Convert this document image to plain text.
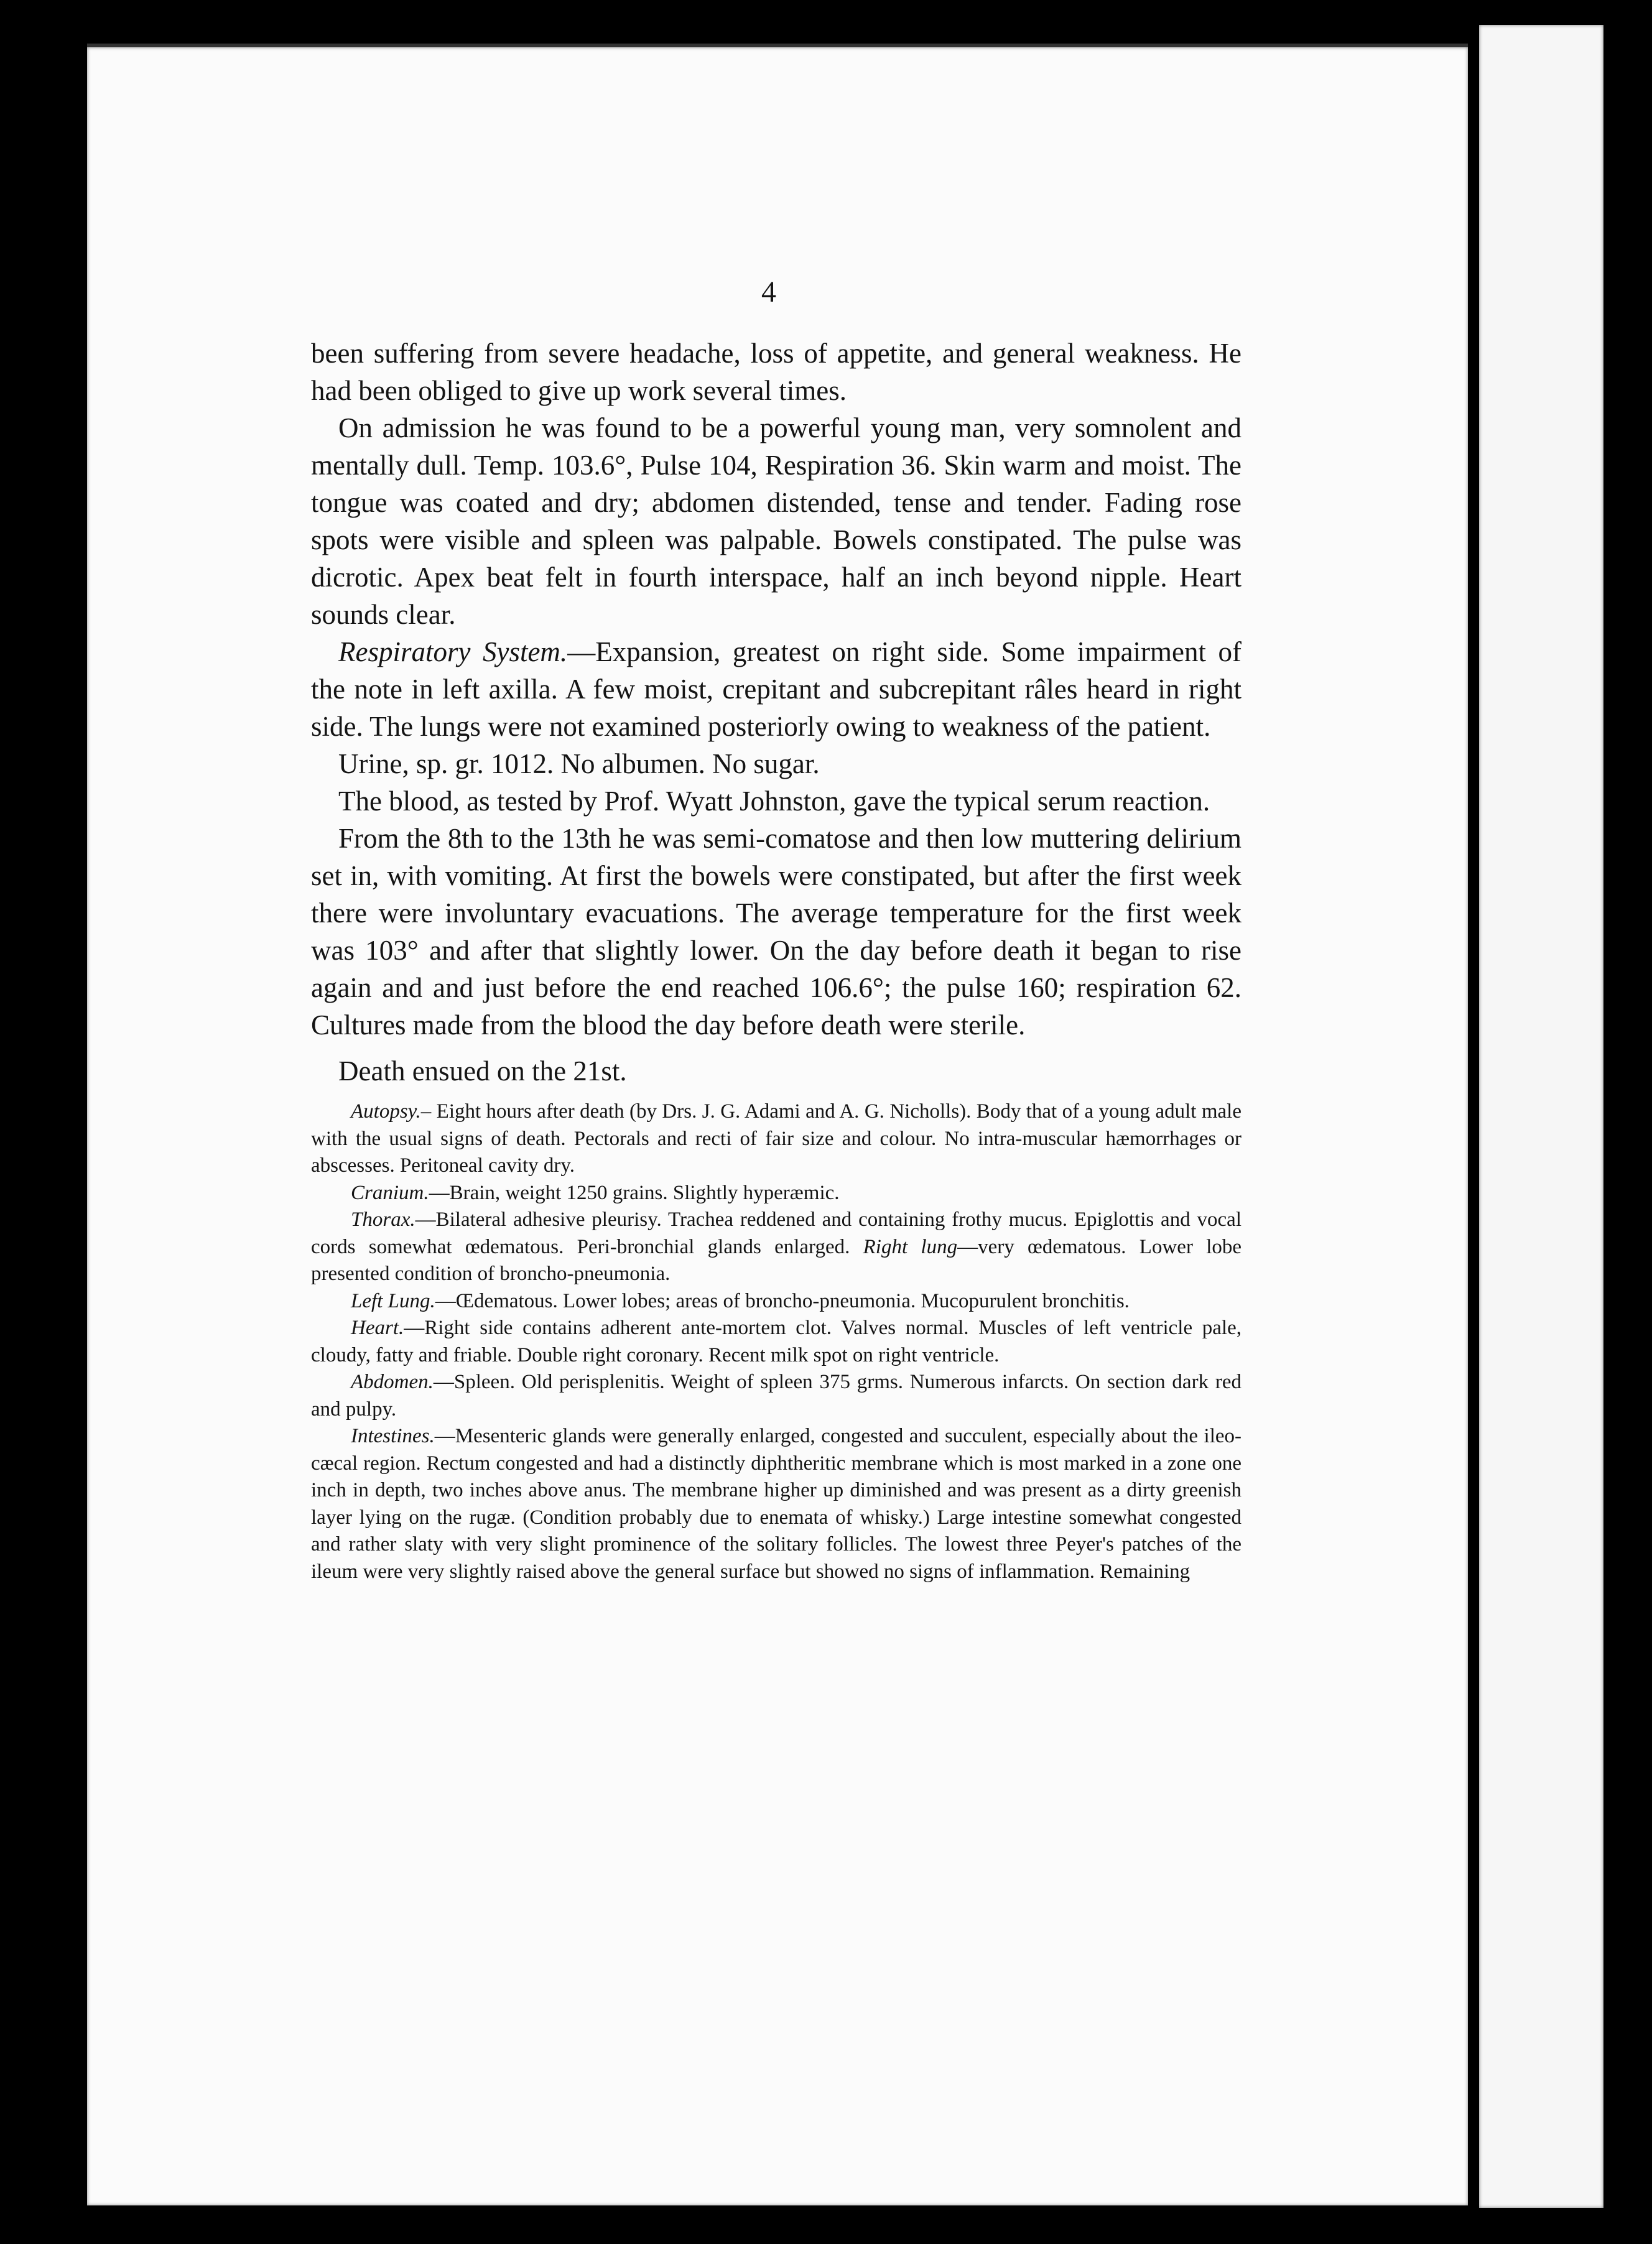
4

been suffering from severe headache, loss of appetite, and general weakness. He had been obliged to give up work several times.

On admission he was found to be a powerful young man, very somnolent and mentally dull. Temp. 103.6°, Pulse 104, Respiration 36. Skin warm and moist. The tongue was coated and dry; abdomen distended, tense and tender. Fading rose spots were visible and spleen was palpable. Bowels constipated. The pulse was dicrotic. Apex beat felt in fourth interspace, half an inch beyond nipple. Heart sounds clear.

Respiratory System.—Expansion, greatest on right side. Some impairment of the note in left axilla. A few moist, crepitant and subcrepitant râles heard in right side. The lungs were not examined posteriorly owing to weakness of the patient.

Urine, sp. gr. 1012. No albumen. No sugar.

The blood, as tested by Prof. Wyatt Johnston, gave the typical serum reaction.

From the 8th to the 13th he was semi-comatose and then low muttering delirium set in, with vomiting. At first the bowels were constipated, but after the first week there were involuntary evacuations. The average temperature for the first week was 103° and after that slightly lower. On the day before death it began to rise again and and just before the end reached 106.6°; the pulse 160; respiration 62. Cultures made from the blood the day before death were sterile.

Death ensued on the 21st.

Autopsy.– Eight hours after death (by Drs. J. G. Adami and A. G. Nicholls). Body that of a young adult male with the usual signs of death. Pectorals and recti of fair size and colour. No intra-muscular hæmorrhages or abscesses. Peritoneal cavity dry.

Cranium.—Brain, weight 1250 grains. Slightly hyperæmic.

Thorax.—Bilateral adhesive pleurisy. Trachea reddened and containing frothy mucus. Epiglottis and vocal cords somewhat œdematous. Peri-bronchial glands enlarged. Right lung—very œdematous. Lower lobe presented condition of broncho-pneumonia.

Left Lung.—Œdematous. Lower lobes; areas of broncho-pneumonia. Mucopurulent bronchitis.

Heart.—Right side contains adherent ante-mortem clot. Valves normal. Muscles of left ventricle pale, cloudy, fatty and friable. Double right coronary. Recent milk spot on right ventricle.

Abdomen.—Spleen. Old perisplenitis. Weight of spleen 375 grms. Numerous infarcts. On section dark red and pulpy.

Intestines.—Mesenteric glands were generally enlarged, congested and succulent, especially about the ileo-cæcal region. Rectum congested and had a distinctly diphtheritic membrane which is most marked in a zone one inch in depth, two inches above anus. The membrane higher up diminished and was present as a dirty greenish layer lying on the rugæ. (Condition probably due to enemata of whisky.) Large intestine somewhat congested and rather slaty with very slight prominence of the solitary follicles. The lowest three Peyer's patches of the ileum were very slightly raised above the general surface but showed no signs of inflammation. Remaining
